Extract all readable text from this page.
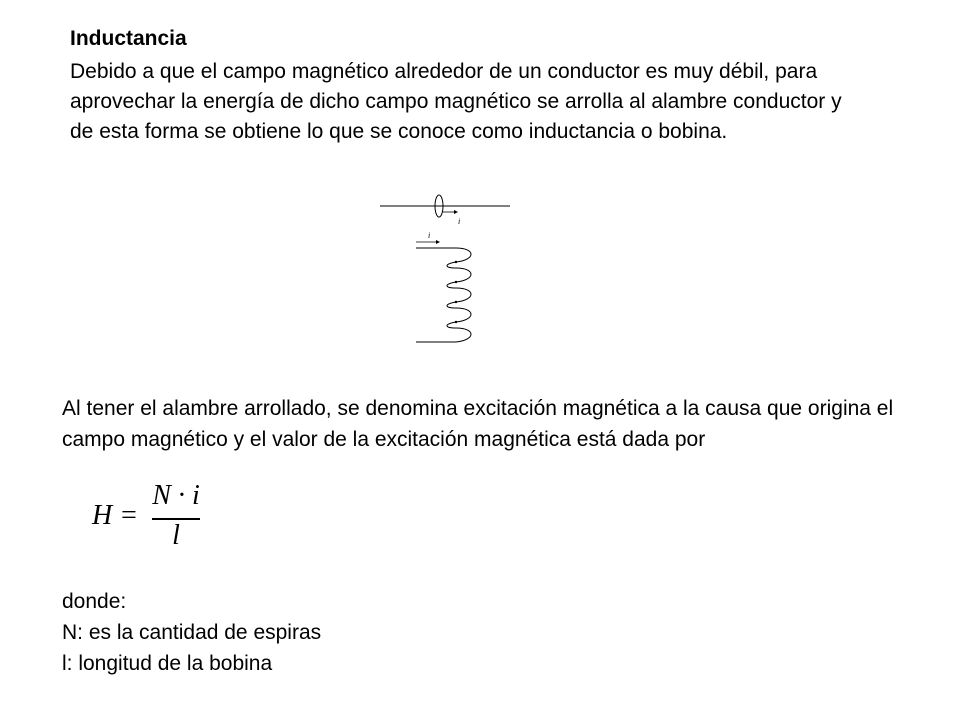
Inductancia

Debido a que el campo magnético alrededor de un conductor es muy débil, para aprovechar la energía de dicho campo magnético se arrolla al alambre conductor y de esta forma se obtiene lo que se conoce como inductancia o bobina.

i
i

Al tener el alambre arrollado, se denomina excitación magnética a la causa que origina el campo magnético y el valor de la excitación magnética está dada por

H =
N · i
l
donde:
N: es la cantidad de espiras
l: longitud de la bobina
